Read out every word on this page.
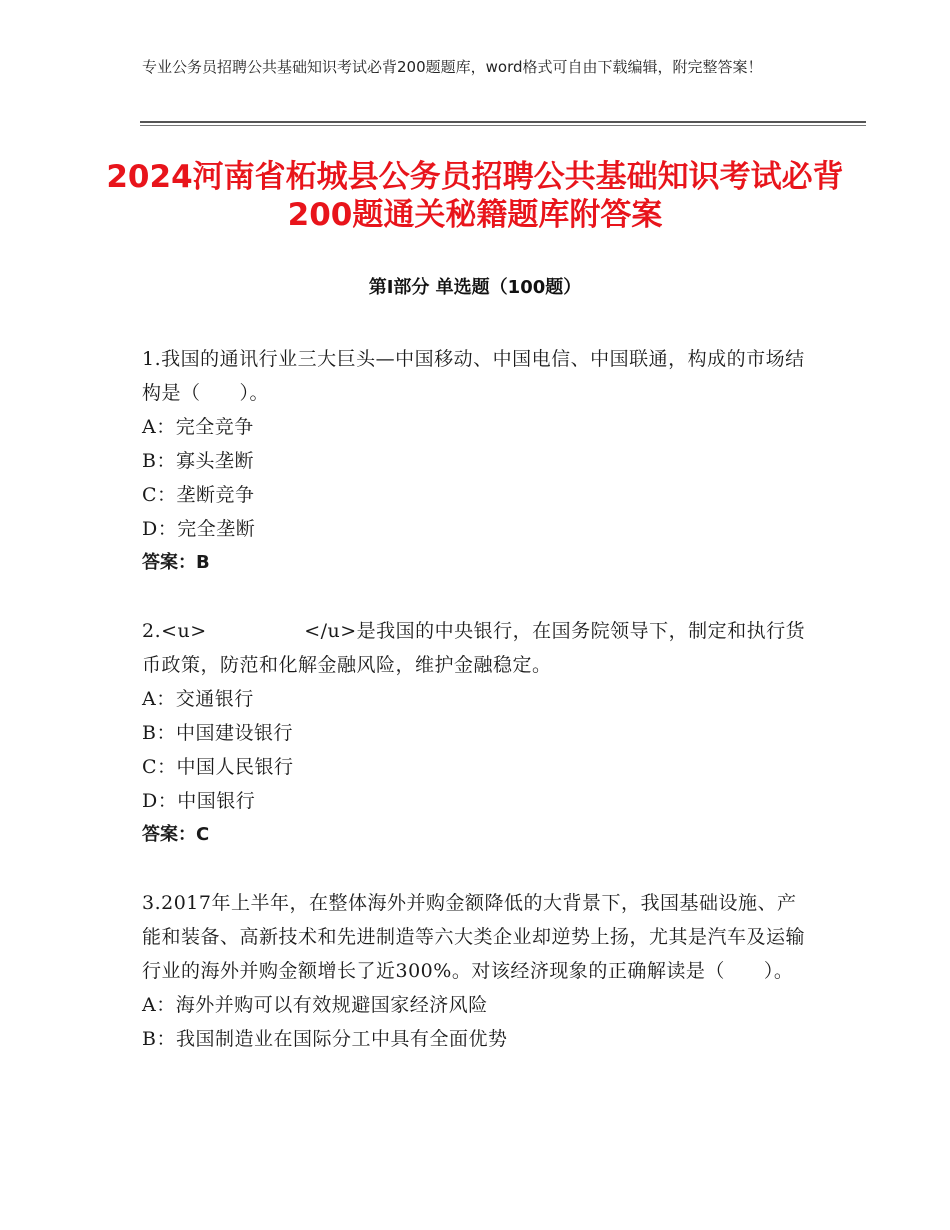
专业公务员招聘公共基础知识考试必背200题题库，word格式可自由下载编辑，附完整答案！
2024河南省柘城县公务员招聘公共基础知识考试必背200题通关秘籍题库附答案
第Ⅰ部分 单选题（100题）

1.我国的通讯行业三大巨头—中国移动、中国电信、中国联通，构成的市场结构是（　　）。

A：完全竞争

B：寡头垄断

C：垄断竞争

D：完全垄断

答案：B

2.<u>　　　　　</u>是我国的中央银行，在国务院领导下，制定和执行货币政策，防范和化解金融风险，维护金融稳定。

A：交通银行

B：中国建设银行

C：中国人民银行

D：中国银行

答案：C

3.2017年上半年，在整体海外并购金额降低的大背景下，我国基础设施、产能和装备、高新技术和先进制造等六大类企业却逆势上扬，尤其是汽车及运输行业的海外并购金额增长了近300%。对该经济现象的正确解读是（　　）。

A：海外并购可以有效规避国家经济风险

B：我国制造业在国际分工中具有全面优势
